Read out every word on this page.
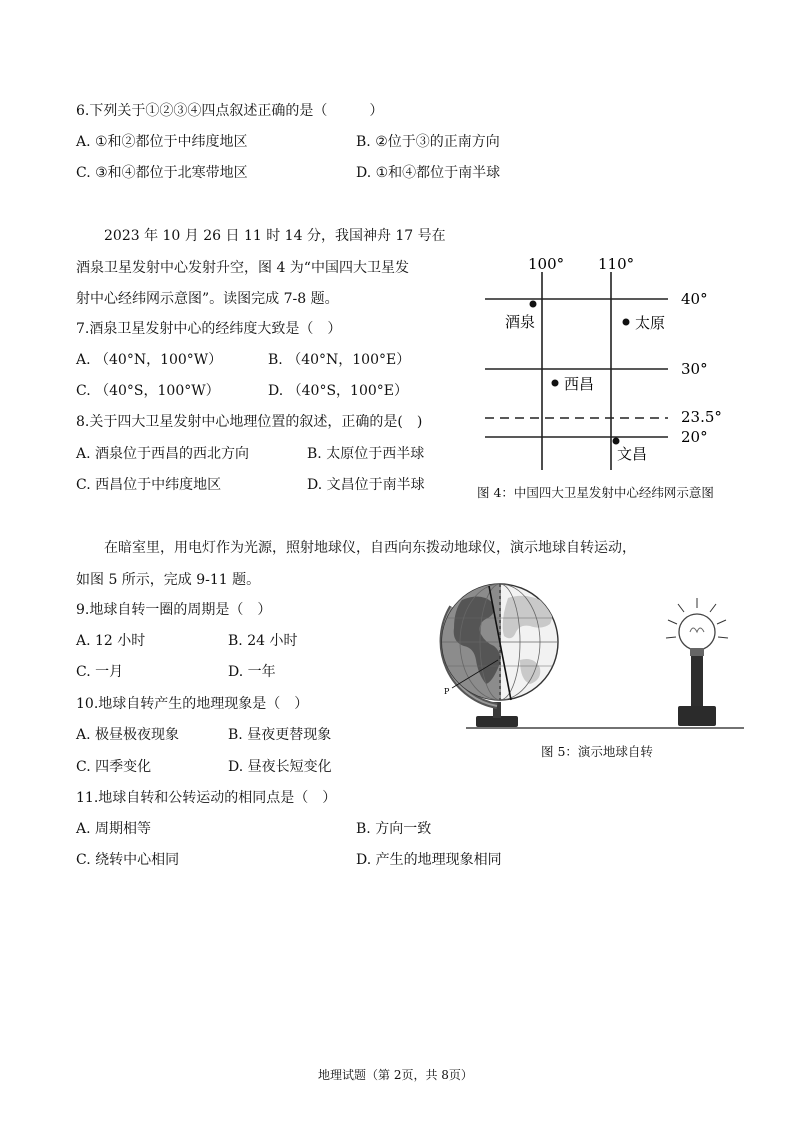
6.下列关于①②③④四点叙述正确的是（　　　）
A. ①和②都位于中纬度地区	B. ②位于③的正南方向
C. ③和④都位于北寒带地区	D. ①和④都位于南半球
2023 年 10 月 26 日 11 时 14 分，我国神舟 17 号在
酒泉卫星发射中心发射升空，图 4 为“中国四大卫星发
射中心经纬网示意图”。读图完成 7-8 题。
7.酒泉卫星发射中心的经纬度大致是（　）
A. （40°N，100°W）	B. （40°N，100°E）
C. （40°S，100°W）	D. （40°S，100°E）
8.关于四大卫星发射中心地理位置的叙述，正确的是(　)
A. 酒泉位于西昌的西北方向	B. 太原位于西半球
C. 西昌位于中纬度地区	D. 文昌位于南半球
100° 110°
40°
30°
23.5°
20°
酒泉	太原
西昌
文昌
图 4：中国四大卫星发射中心经纬网示意图
在暗室里，用电灯作为光源，照射地球仪，自西向东拨动地球仪，演示地球自转运动，
如图 5 所示，完成 9-11 题。
9.地球自转一圈的周期是（　）
A. 12 小时	B. 24 小时
C. 一月	D. 一年
10.地球自转产生的地理现象是（　）
A. 极昼极夜现象	B. 昼夜更替现象
C. 四季变化	D. 昼夜长短变化
11.地球自转和公转运动的相同点是（　）
A. 周期相等	B. 方向一致
C. 绕转中心相同	D. 产生的地理现象相同
P
图 5：演示地球自转
地理试题（第 2页，共 8页）
